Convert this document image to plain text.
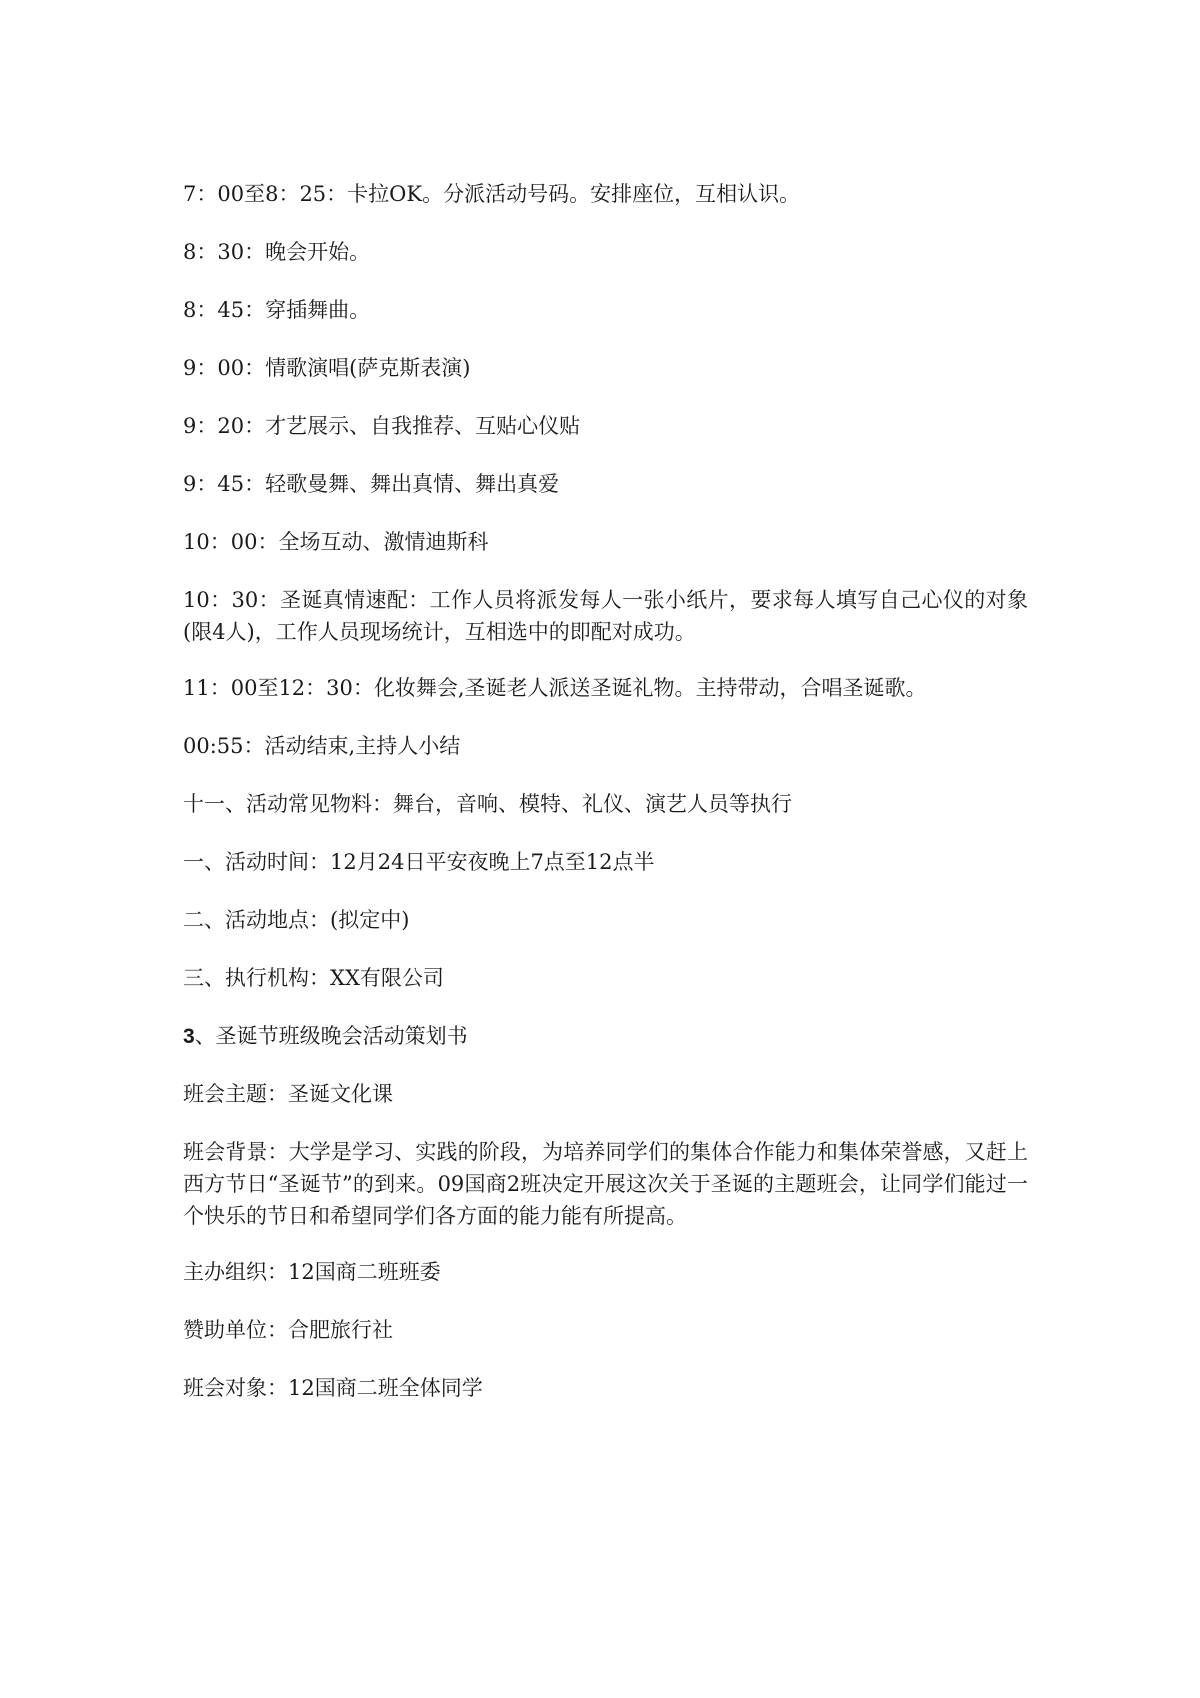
7：00至8：25：卡拉OK。分派活动号码。安排座位，互相认识。

8：30：晚会开始。

8：45：穿插舞曲。

9：00：情歌演唱(萨克斯表演)

9：20：才艺展示、自我推荐、互贴心仪贴

9：45：轻歌曼舞、舞出真情、舞出真爱

10：00：全场互动、激情迪斯科

10：30：圣诞真情速配：工作人员将派发每人一张小纸片，要求每人填写自己心仪的对象(限4人)，工作人员现场统计，互相选中的即配对成功。

11：00至12：30：化妆舞会,圣诞老人派送圣诞礼物。主持带动，合唱圣诞歌。

00:55：活动结束,主持人小结

十一、活动常见物料：舞台，音响、模特、礼仪、演艺人员等执行

一、活动时间：12月24日平安夜晚上7点至12点半

二、活动地点：(拟定中)

三、执行机构：XX有限公司

3、圣诞节班级晚会活动策划书

班会主题：圣诞文化课

班会背景：大学是学习、实践的阶段，为培养同学们的集体合作能力和集体荣誉感，又赶上西方节日“圣诞节”的到来。09国商2班决定开展这次关于圣诞的主题班会，让同学们能过一个快乐的节日和希望同学们各方面的能力能有所提高。

主办组织：12国商二班班委

赞助单位：合肥旅行社

班会对象：12国商二班全体同学
